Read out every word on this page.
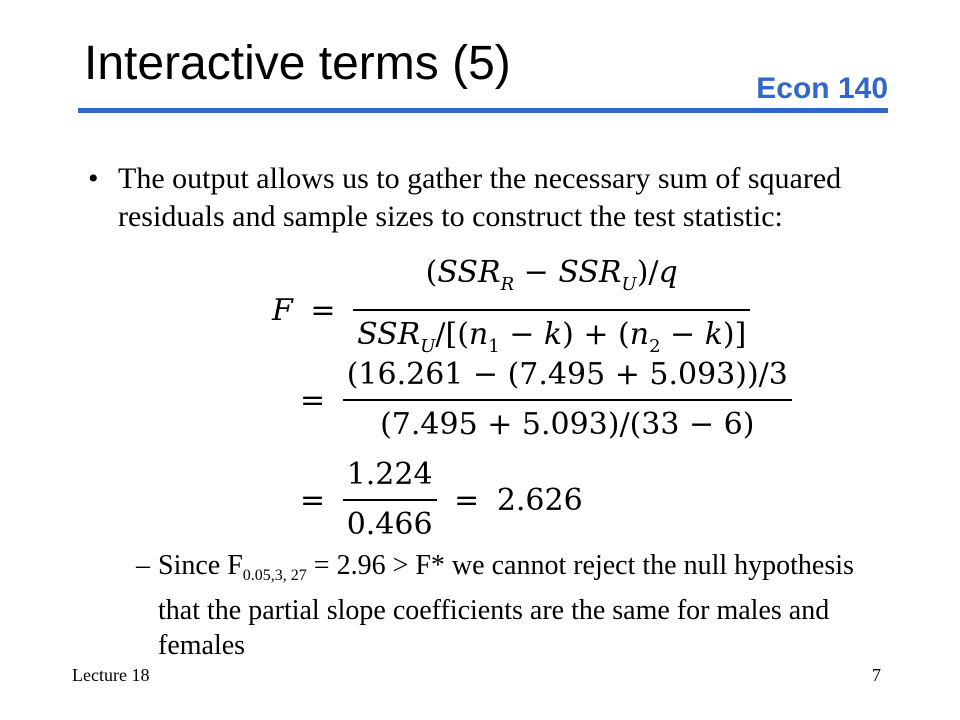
Interactive terms (5)	Econ 140
• The output allows us to gather the necessary sum of squared residuals and sample sizes to construct the test statistic:
$F = \frac{(SSR_R - SSR_U)/q}{SSR_U/[(n_1 - k) + (n_2 - k)]}$
= $\frac{(16.261 - (7.495 + 5.093))/3}{(7.495 + 5.093)/(33 - 6)}$
= $\frac{1.224}{0.466} = 2.626$
– Since $F_{0.05,3, 27} = 2.96 > F*$ we cannot reject the null hypothesis that the partial slope coefficients are the same for males and females
Lecture 18	7
